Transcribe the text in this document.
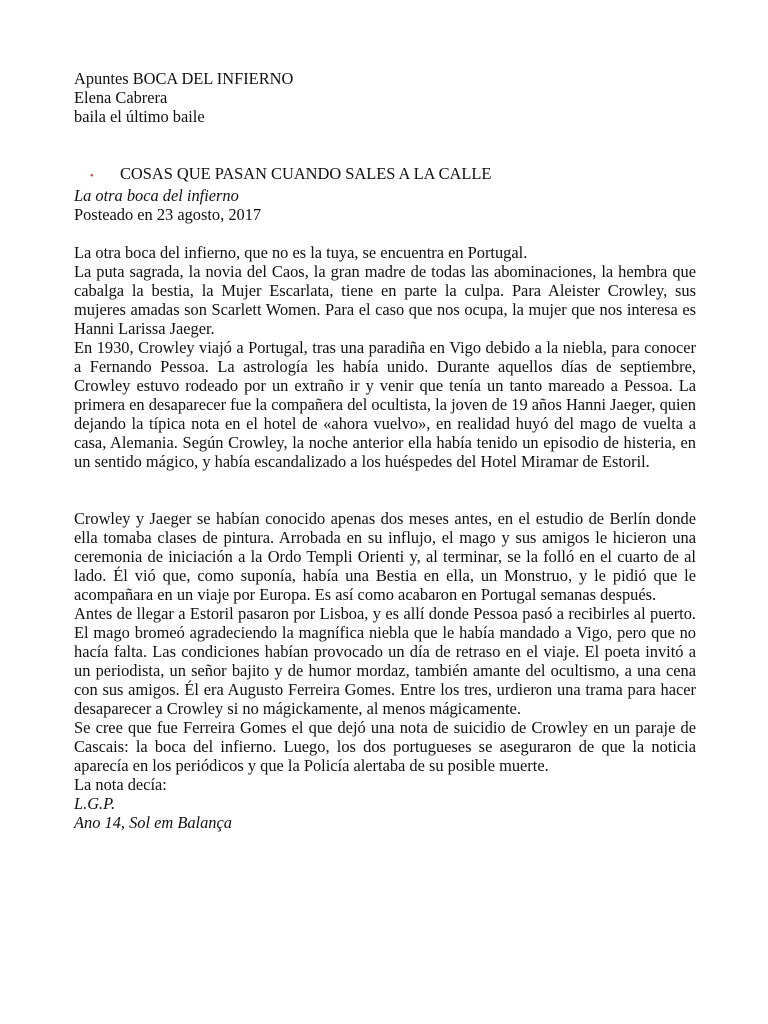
Apuntes BOCA DEL INFIERNO
Elena Cabrera
baila el último baile
•	COSAS QUE PASAN CUANDO SALES A LA CALLE
La otra boca del infierno
Posteado en 23 agosto, 2017

La otra boca del infierno, que no es la tuya, se encuentra en Portugal.

La puta sagrada, la novia del Caos, la gran madre de todas las abominaciones, la hembra que cabalga la bestia, la Mujer Escarlata, tiene en parte la culpa. Para Aleister Crowley, sus mujeres amadas son Scarlett Women. Para el caso que nos ocupa, la mujer que nos interesa es Hanni Larissa Jaeger.

En 1930, Crowley viajó a Portugal, tras una paradiña en Vigo debido a la niebla, para conocer a Fernando Pessoa. La astrología les había unido. Durante aquellos días de septiembre, Crowley estuvo rodeado por un extraño ir y venir que tenía un tanto mareado a Pessoa. La primera en desaparecer fue la compañera del ocultista, la joven de 19 años Hanni Jaeger, quien dejando la típica nota en el hotel de «ahora vuelvo», en realidad huyó del mago de vuelta a casa, Alemania. Según Crowley, la noche anterior ella había tenido un episodio de histeria, en un sentido mágico, y había escandalizado a los huéspedes del Hotel Miramar de Estoril.

Crowley y Jaeger se habían conocido apenas dos meses antes, en el estudio de Berlín donde ella tomaba clases de pintura. Arrobada en su influjo, el mago y sus amigos le hicieron una ceremonia de iniciación a la Ordo Templi Orienti y, al terminar, se la folló en el cuarto de al lado. Él vió que, como suponía, había una Bestia en ella, un Monstruo, y le pidió que le acompañara en un viaje por Europa. Es así como acabaron en Portugal semanas después.

Antes de llegar a Estoril pasaron por Lisboa, y es allí donde Pessoa pasó a recibirles al puerto. El mago bromeó agradeciendo la magnífica niebla que le había mandado a Vigo, pero que no hacía falta. Las condiciones habían provocado un día de retraso en el viaje. El poeta invitó a un periodista, un señor bajito y de humor mordaz, también amante del ocultismo, a una cena con sus amigos. Él era Augusto Ferreira Gomes. Entre los tres, urdieron una trama para hacer desaparecer a Crowley si no mágickamente, al menos mágicamente.

Se cree que fue Ferreira Gomes el que dejó una nota de suicidio de Crowley en un paraje de Cascais: la boca del infierno. Luego, los dos portugueses se aseguraron de que la noticia aparecía en los periódicos y que la Policía alertaba de su posible muerte.

La nota decía:
L.G.P.
Ano 14, Sol em Balança
